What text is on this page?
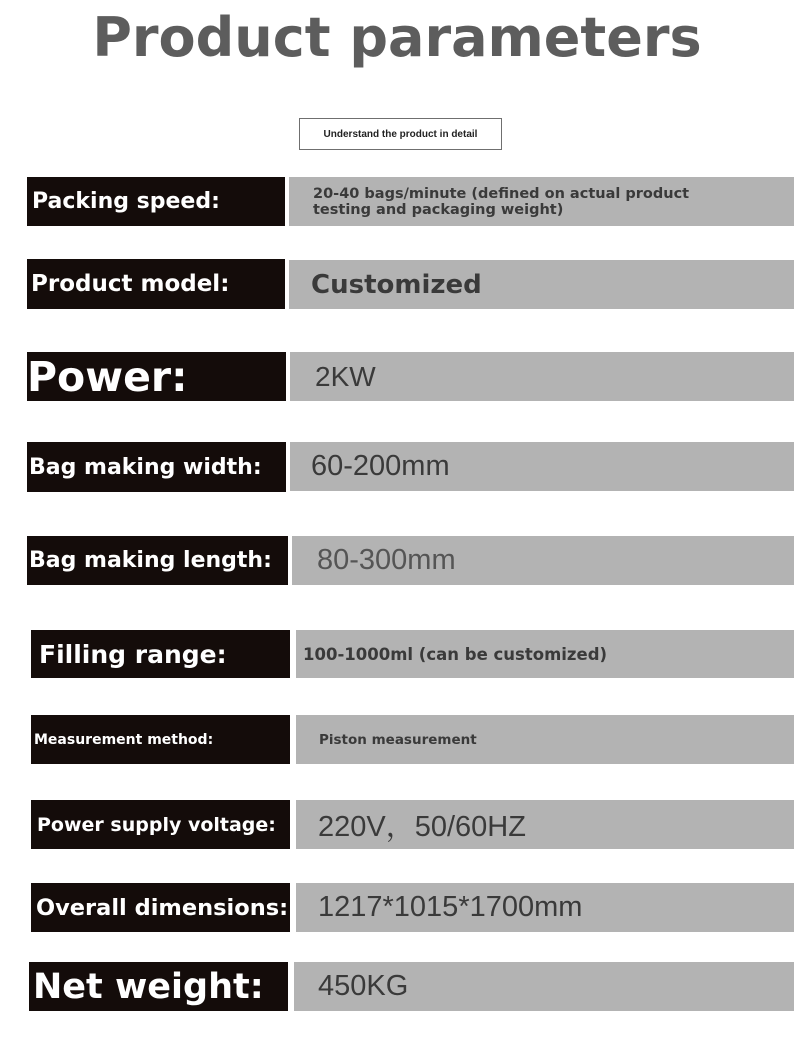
Product parameters
Understand the product in detail
Packing speed:	20-40 bags/minute (defined on actual product testing and packaging weight)
Product model:	Customized
Power:	2KW
Bag making width:	60-200mm
Bag making length:	80-300mm
Filling range:	100-1000ml (can be customized)
Measurement method:	Piston measurement
Power supply voltage:	220V，50/60HZ
Overall dimensions:	1217*1015*1700mm
Net weight:	450KG
